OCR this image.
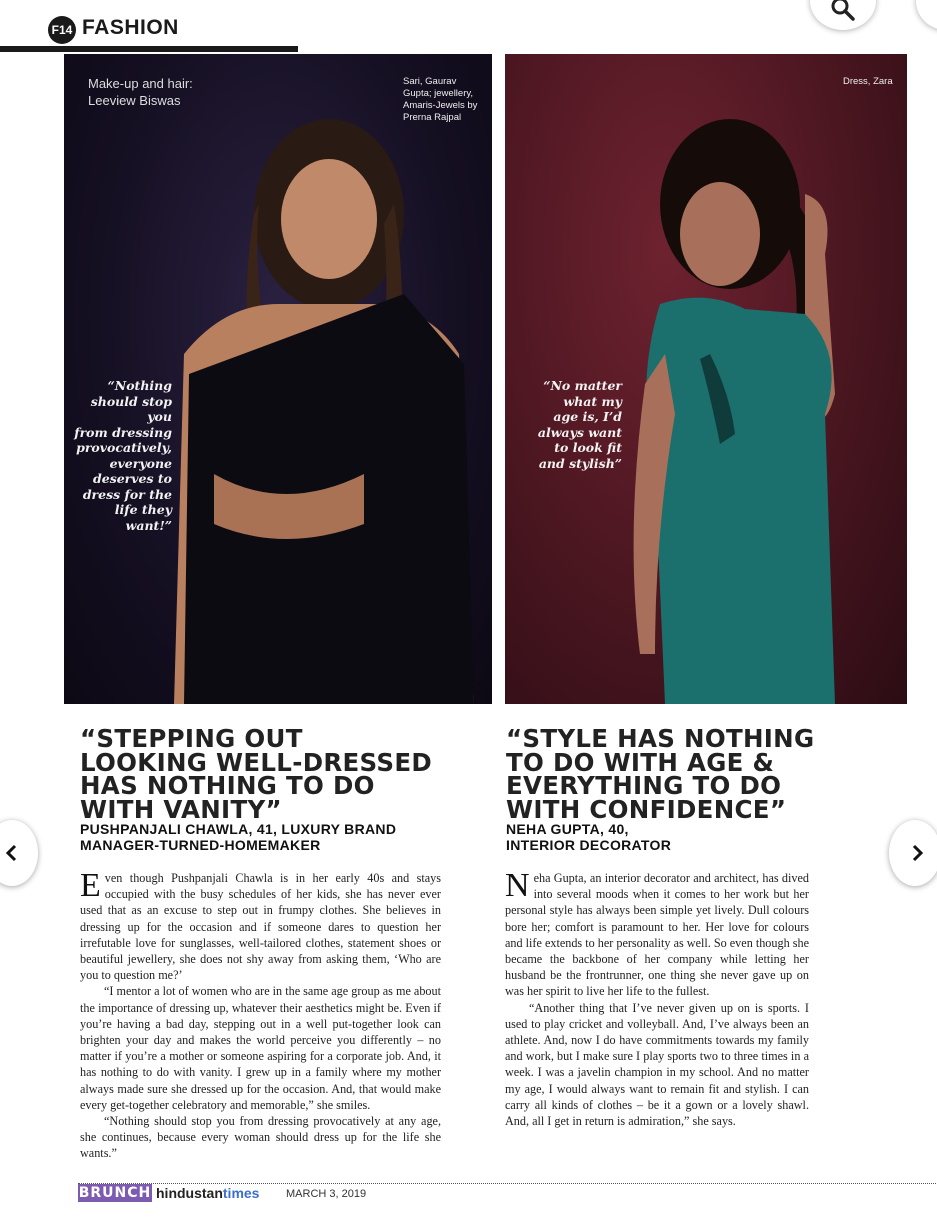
F14 FASHION
Make-up and hair:
Leeview Biswas
Sari, Gaurav
Gupta; jewellery,
Amaris-Jewels by
Prerna Rajpal
“Nothing
should stop you
from dressing
provocatively,
everyone
deserves to
dress for the
life they want!”
Dress, Zara
“No matter
what my
age is, I’d
always want
to look fit
and stylish”
“STEPPING OUT
LOOKING WELL-DRESSED
HAS NOTHING TO DO
WITH VANITY”
PUSHPANJALI CHAWLA, 41, LUXURY BRAND
MANAGER-TURNED-HOMEMAKER

Even though Pushpanjali Chawla is in her early 40s and stays occupied with the busy schedules of her kids, she has never ever used that as an excuse to step out in frumpy clothes. She believes in dressing up for the occasion and if someone dares to question her irrefutable love for sunglasses, well-tailored clothes, statement shoes or beautiful jewellery, she does not shy away from asking them, ‘Who are you to question me?’

“I mentor a lot of women who are in the same age group as me about the importance of dressing up, whatever their aesthetics might be. Even if you’re having a bad day, stepping out in a well put-together look can brighten your day and makes the world perceive you differently – no matter if you’re a mother or someone aspiring for a corporate job. And, it has nothing to do with vanity. I grew up in a family where my mother always made sure she dressed up for the occasion. And, that would make every get-together celebratory and memorable,” she smiles.

“Nothing should stop you from dressing provocatively at any age, she continues, because every woman should dress up for the life she wants.”

“STYLE HAS NOTHING
TO DO WITH AGE &
EVERYTHING TO DO
WITH CONFIDENCE”
NEHA GUPTA, 40,
INTERIOR DECORATOR

Neha Gupta, an interior decorator and architect, has dived into several moods when it comes to her work but her personal style has always been simple yet lively. Dull colours bore her; comfort is paramount to her. Her love for colours and life extends to her personality as well. So even though she became the backbone of her company while letting her husband be the frontrunner, one thing she never gave up on was her spirit to live her life to the fullest.

“Another thing that I’ve never given up on is sports. I used to play cricket and volleyball. And, I’ve always been an athlete. And, now I do have commitments towards my family and work, but I make sure I play sports two to three times in a week. I was a javelin champion in my school. And no matter my age, I would always want to remain fit and stylish. I can carry all kinds of clothes – be it a gown or a lovely shawl. And, all I get in return is admiration,” she says.

BRUNCH hindustantimes MARCH 3, 2019
